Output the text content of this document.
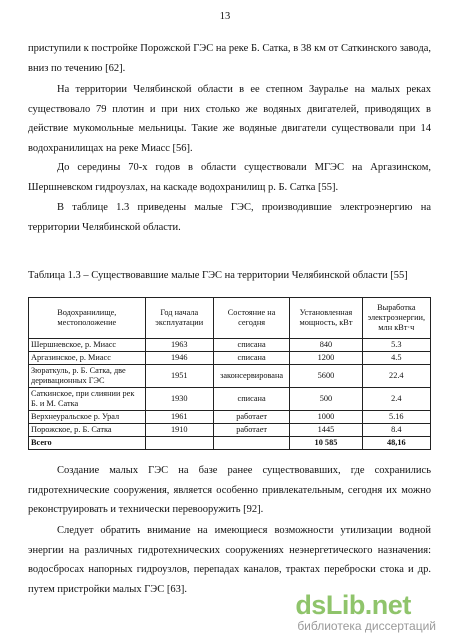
13

приступили к постройке Порожской ГЭС на реке Б. Сатка, в 38 км от Саткинского завода, вниз по течению [62].

На территории Челябинской области в ее степном Зауралье на малых реках существовало 79 плотин и при них столько же водяных двигателей, приводящих в действие мукомольные мельницы. Такие же водяные двигатели существовали при 14 водохранилищах на реке Миасс [56].

До середины 70-х годов в области существовали МГЭС на Аргазинском, Шершневском гидроузлах, на каскаде водохранилищ р. Б. Сатка [55].

В таблице 1.3 приведены малые ГЭС, производившие электроэнергию на территории Челябинской области.

Таблица 1.3 – Существовавшие малые ГЭС на территории Челябинской области [55]
Водохранилище, местоположение	Год начала эксплуатации	Состояние на сегодня	Установленная мощность, кВт	Выработка электроэнергии, млн кВт·ч
Шершневское, р. Миасс	1963	списана	840	5.3
Аргазинское, р. Миасс	1946	списана	1200	4.5
Зюраткуль, р. Б. Сатка, две деривационных ГЭС	1951	законсервирована	5600	22.4
Саткинское, при слиянии рек Б. и М. Сатка	1930	списана	500	2.4
Верхнеуральское р. Урал	1961	работает	1000	5.16
Порожское, р. Б. Сатка	1910	работает	1445	8.4
Всего			10 585	48,16

Создание малых ГЭС на базе ранее существовавших, где сохранились гидротехнические сооружения, является особенно привлекательным, сегодня их можно реконструировать и технически перевооружить [92].

Следует обратить внимание на имеющиеся возможности утилизации водной энергии на различных гидротехнических сооружениях неэнергетического назначения: водосбросах напорных гидроузлов, перепадах каналов, трактах переброски стока и др. путем пристройки малых ГЭС [63].

dsLib.net
библиотека диссертаций
